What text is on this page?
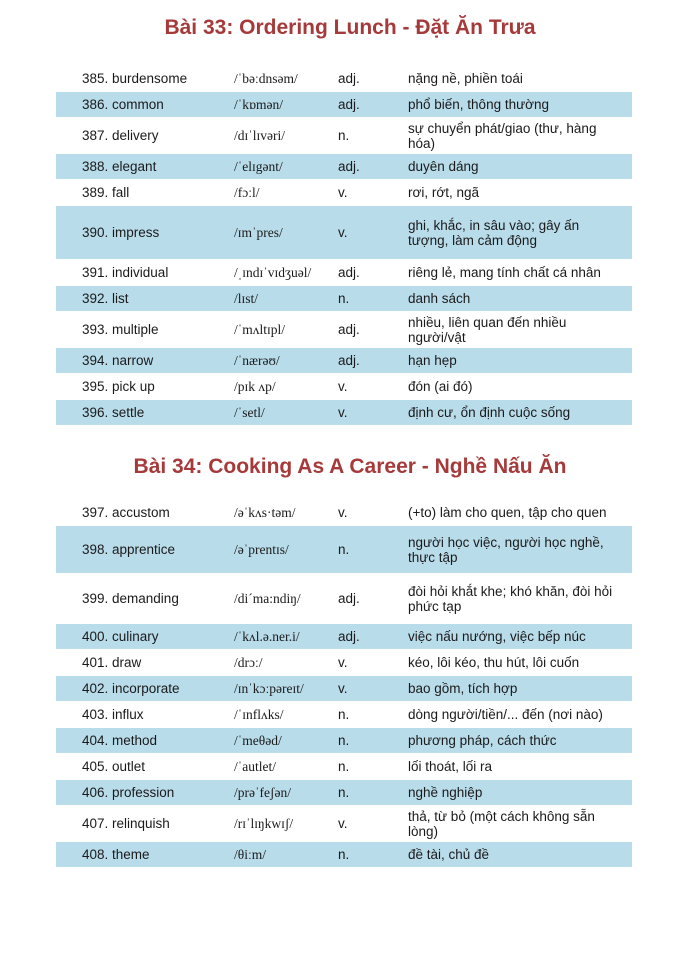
Bài 33: Ordering Lunch - Đặt Ăn Trưa
385. burdensome	/ˈbəːdnsəm/	adj.	nặng nề, phiền toái
386. common	/ˈkɒmən/	adj.	phổ biến, thông thường
387. delivery	/dɪˈlɪvəri/	n.	sự chuyển phát/giao (thư, hàng hóa)
388. elegant	/ˈelɪgənt/	adj.	duyên dáng
389. fall	/fɔːl/	v.	rơi, rớt, ngã
390. impress	/ɪmˈpres/	v.	ghi, khắc, in sâu vào; gây ấn tượng, làm cảm động
391. individual	/ˌɪndɪˈvɪdʒuəl/	adj.	riêng lẻ, mang tính chất cá nhân
392. list	/lɪst/	n.	danh sách
393. multiple	/ˈmʌltɪpl/	adj.	nhiều, liên quan đến nhiều người/vật
394. narrow	/ˈnærəʊ/	adj.	hạn hẹp
395. pick up	/pɪk ʌp/	v.	đón (ai đó)
396. settle	/ˈsetl/	v.	định cư, ổn định cuộc sống
Bài 34: Cooking As A Career - Nghề Nấu Ăn
397. accustom	/əˈkʌs·təm/	v.	(+to) làm cho quen, tập cho quen
398. apprentice	/əˈprentɪs/	n.	người học việc, người học nghề, thực tập
399. demanding	/di´ma:ndiŋ/	adj.	đòi hỏi khắt khe; khó khăn, đòi hỏi phức tạp
400. culinary	/ˈkʌl.ə.ner.i/	adj.	việc nấu nướng, việc bếp núc
401. draw	/drɔː/	v.	kéo, lôi kéo, thu hút, lôi cuốn
402. incorporate	/ɪnˈkɔːpəreɪt/	v.	bao gồm, tích hợp
403. influx	/ˈɪnflʌks/	n.	dòng người/tiền/... đến (nơi nào)
404. method	/ˈmeθəd/	n.	phương pháp, cách thức
405. outlet	/ˈautlet/	n.	lối thoát, lối ra
406. profession	/prəˈfeʃən/	n.	nghề nghiệp
407. relinquish	/rɪˈlɪŋkwɪʃ/	v.	thả, từ bỏ (một cách không sẵn lòng)
408. theme	/θiːm/	n.	đề tài, chủ đề
